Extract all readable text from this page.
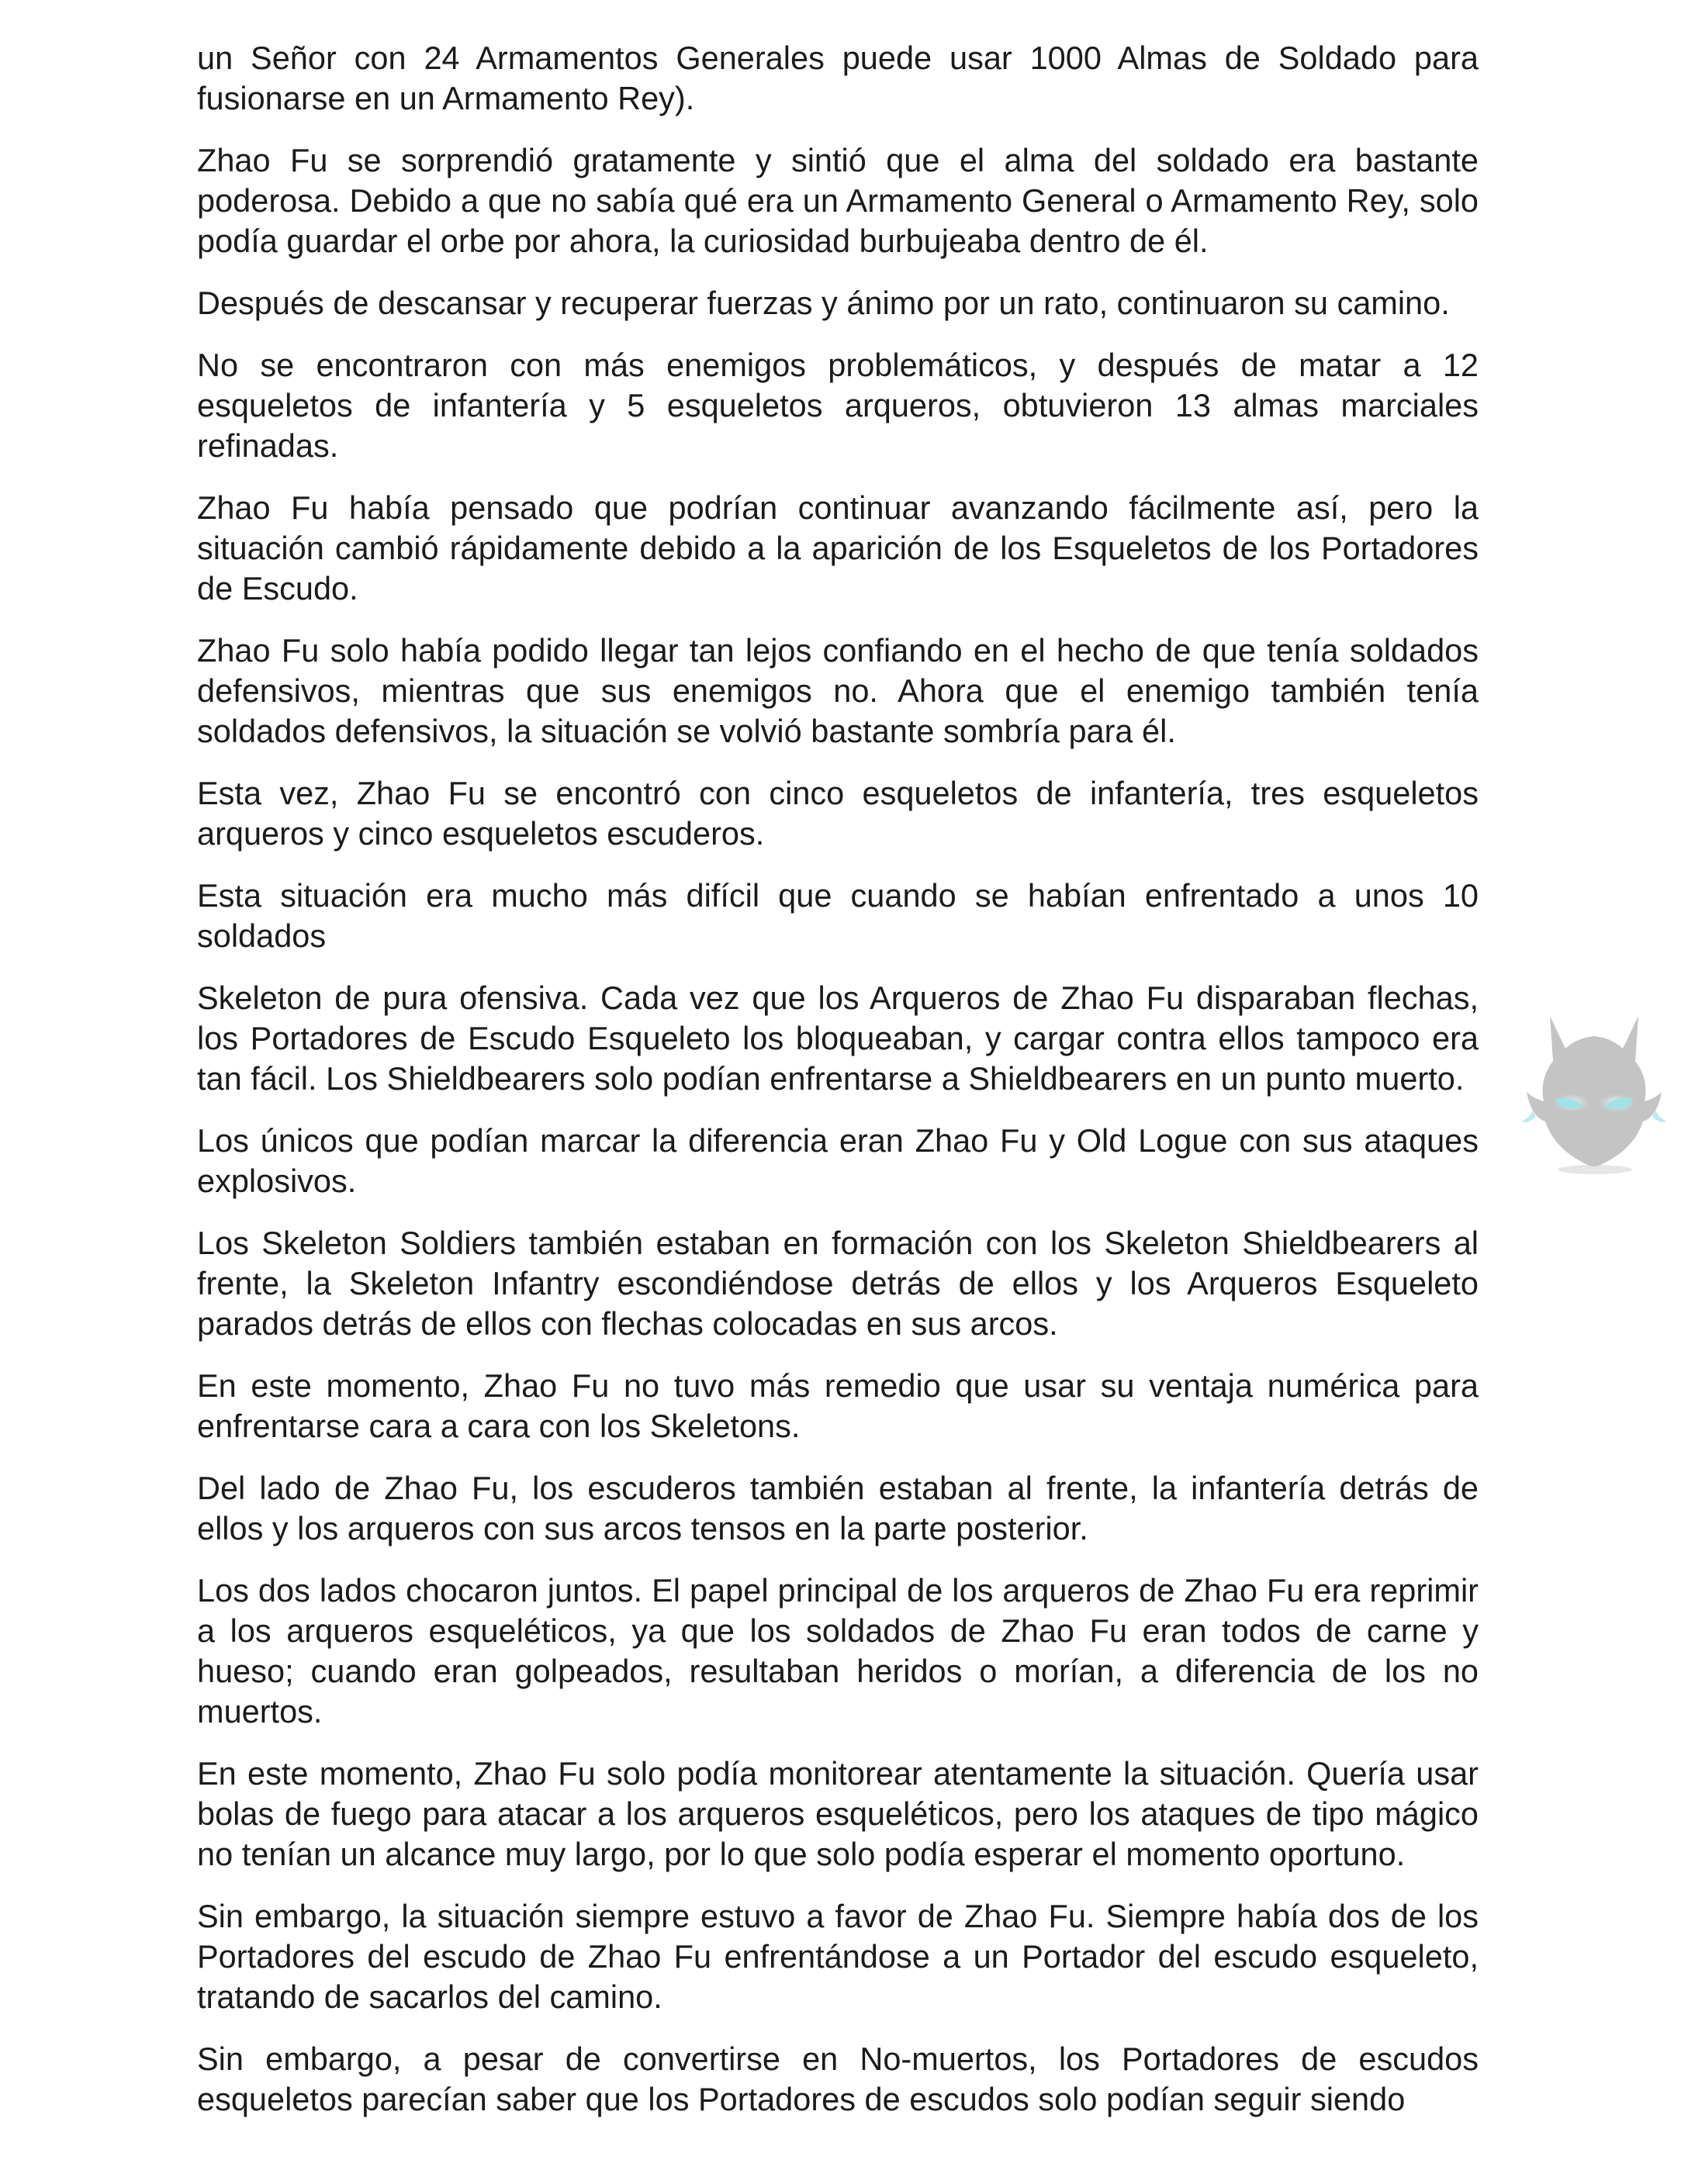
un Señor con 24 Armamentos Generales puede usar 1000 Almas de Soldado para fusionarse en un Armamento Rey).

Zhao Fu se sorprendió gratamente y sintió que el alma del soldado era bastante poderosa. Debido a que no sabía qué era un Armamento General o Armamento Rey, solo podía guardar el orbe por ahora, la curiosidad burbujeaba dentro de él.

Después de descansar y recuperar fuerzas y ánimo por un rato, continuaron su camino.

No se encontraron con más enemigos problemáticos, y después de matar a 12 esqueletos de infantería y 5 esqueletos arqueros, obtuvieron 13 almas marciales refinadas.

Zhao Fu había pensado que podrían continuar avanzando fácilmente así, pero la situación cambió rápidamente debido a la aparición de los Esqueletos de los Portadores de Escudo.

Zhao Fu solo había podido llegar tan lejos confiando en el hecho de que tenía soldados defensivos, mientras que sus enemigos no. Ahora que el enemigo también tenía soldados defensivos, la situación se volvió bastante sombría para él.

Esta vez, Zhao Fu se encontró con cinco esqueletos de infantería, tres esqueletos arqueros y cinco esqueletos escuderos.

Esta situación era mucho más difícil que cuando se habían enfrentado a unos 10 soldados

Skeleton de pura ofensiva. Cada vez que los Arqueros de Zhao Fu disparaban flechas, los Portadores de Escudo Esqueleto los bloqueaban, y cargar contra ellos tampoco era tan fácil. Los Shieldbearers solo podían enfrentarse a Shieldbearers en un punto muerto.

Los únicos que podían marcar la diferencia eran Zhao Fu y Old Logue con sus ataques explosivos.

Los Skeleton Soldiers también estaban en formación con los Skeleton Shieldbearers al frente, la Skeleton Infantry escondiéndose detrás de ellos y los Arqueros Esqueleto parados detrás de ellos con flechas colocadas en sus arcos.

En este momento, Zhao Fu no tuvo más remedio que usar su ventaja numérica para enfrentarse cara a cara con los Skeletons.

Del lado de Zhao Fu, los escuderos también estaban al frente, la infantería detrás de ellos y los arqueros con sus arcos tensos en la parte posterior.

Los dos lados chocaron juntos. El papel principal de los arqueros de Zhao Fu era reprimir a los arqueros esqueléticos, ya que los soldados de Zhao Fu eran todos de carne y hueso; cuando eran golpeados, resultaban heridos o morían, a diferencia de los no muertos.

En este momento, Zhao Fu solo podía monitorear atentamente la situación. Quería usar bolas de fuego para atacar a los arqueros esqueléticos, pero los ataques de tipo mágico no tenían un alcance muy largo, por lo que solo podía esperar el momento oportuno.

Sin embargo, la situación siempre estuvo a favor de Zhao Fu. Siempre había dos de los Portadores del escudo de Zhao Fu enfrentándose a un Portador del escudo esqueleto, tratando de sacarlos del camino.

Sin embargo, a pesar de convertirse en No-muertos, los Portadores de escudos esqueletos parecían saber que los Portadores de escudos solo podían seguir siendo
